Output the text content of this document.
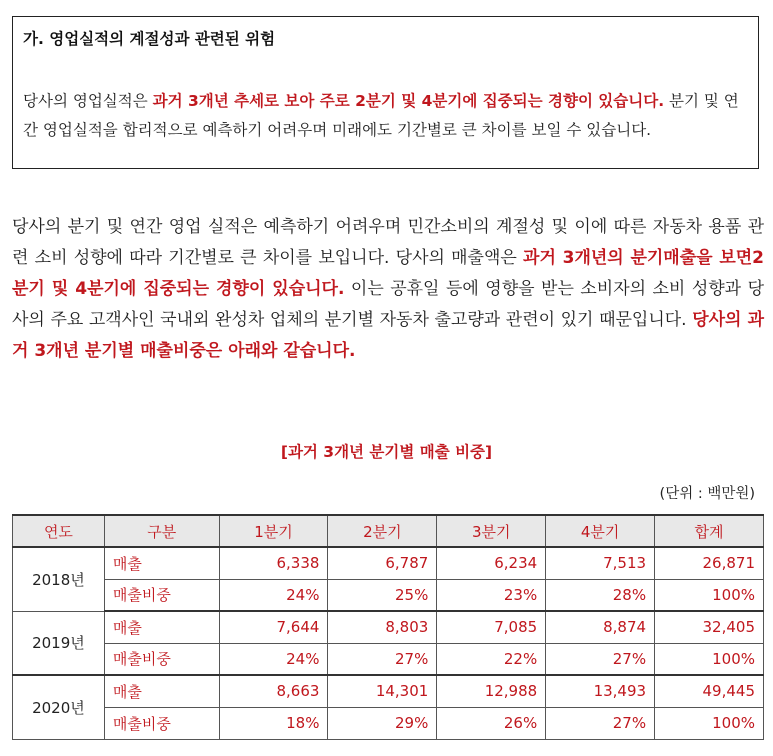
가. 영업실적의 계절성과 관련된 위험
당사의 영업실적은 과거 3개년 추세로 보아 주로 2분기 및 4분기에 집중되는 경향이 있습니다. 분기 및 연간 영업실적을 합리적으로 예측하기 어려우며 미래에도 기간별로 큰 차이를 보일 수 있습니다.
당사의 분기 및 연간 영업 실적은 예측하기 어려우며 민간소비의 계절성 및 이에 따른 자동차 용품 관련 소비 성향에 따라 기간별로 큰 차이를 보입니다. 당사의 매출액은 과거 3개년의 분기매출을 보면2분기 및 4분기에 집중되는 경향이 있습니다. 이는 공휴일 등에 영향을 받는 소비자의 소비 성향과 당사의 주요 고객사인 국내외 완성차 업체의 분기별 자동차 출고량과 관련이 있기 때문입니다. 당사의 과거 3개년 분기별 매출비중은 아래와 같습니다.
[과거 3개년 분기별 매출 비중]
(단위 : 백만원)
연도	구분	1분기	2분기	3분기	4분기	합계
2018년	매출	6,338	6,787	6,234	7,513	26,871
	매출비중	24%	25%	23%	28%	100%
2019년	매출	7,644	8,803	7,085	8,874	32,405
	매출비중	24%	27%	22%	27%	100%
2020년	매출	8,663	14,301	12,988	13,493	49,445
	매출비중	18%	29%	26%	27%	100%
